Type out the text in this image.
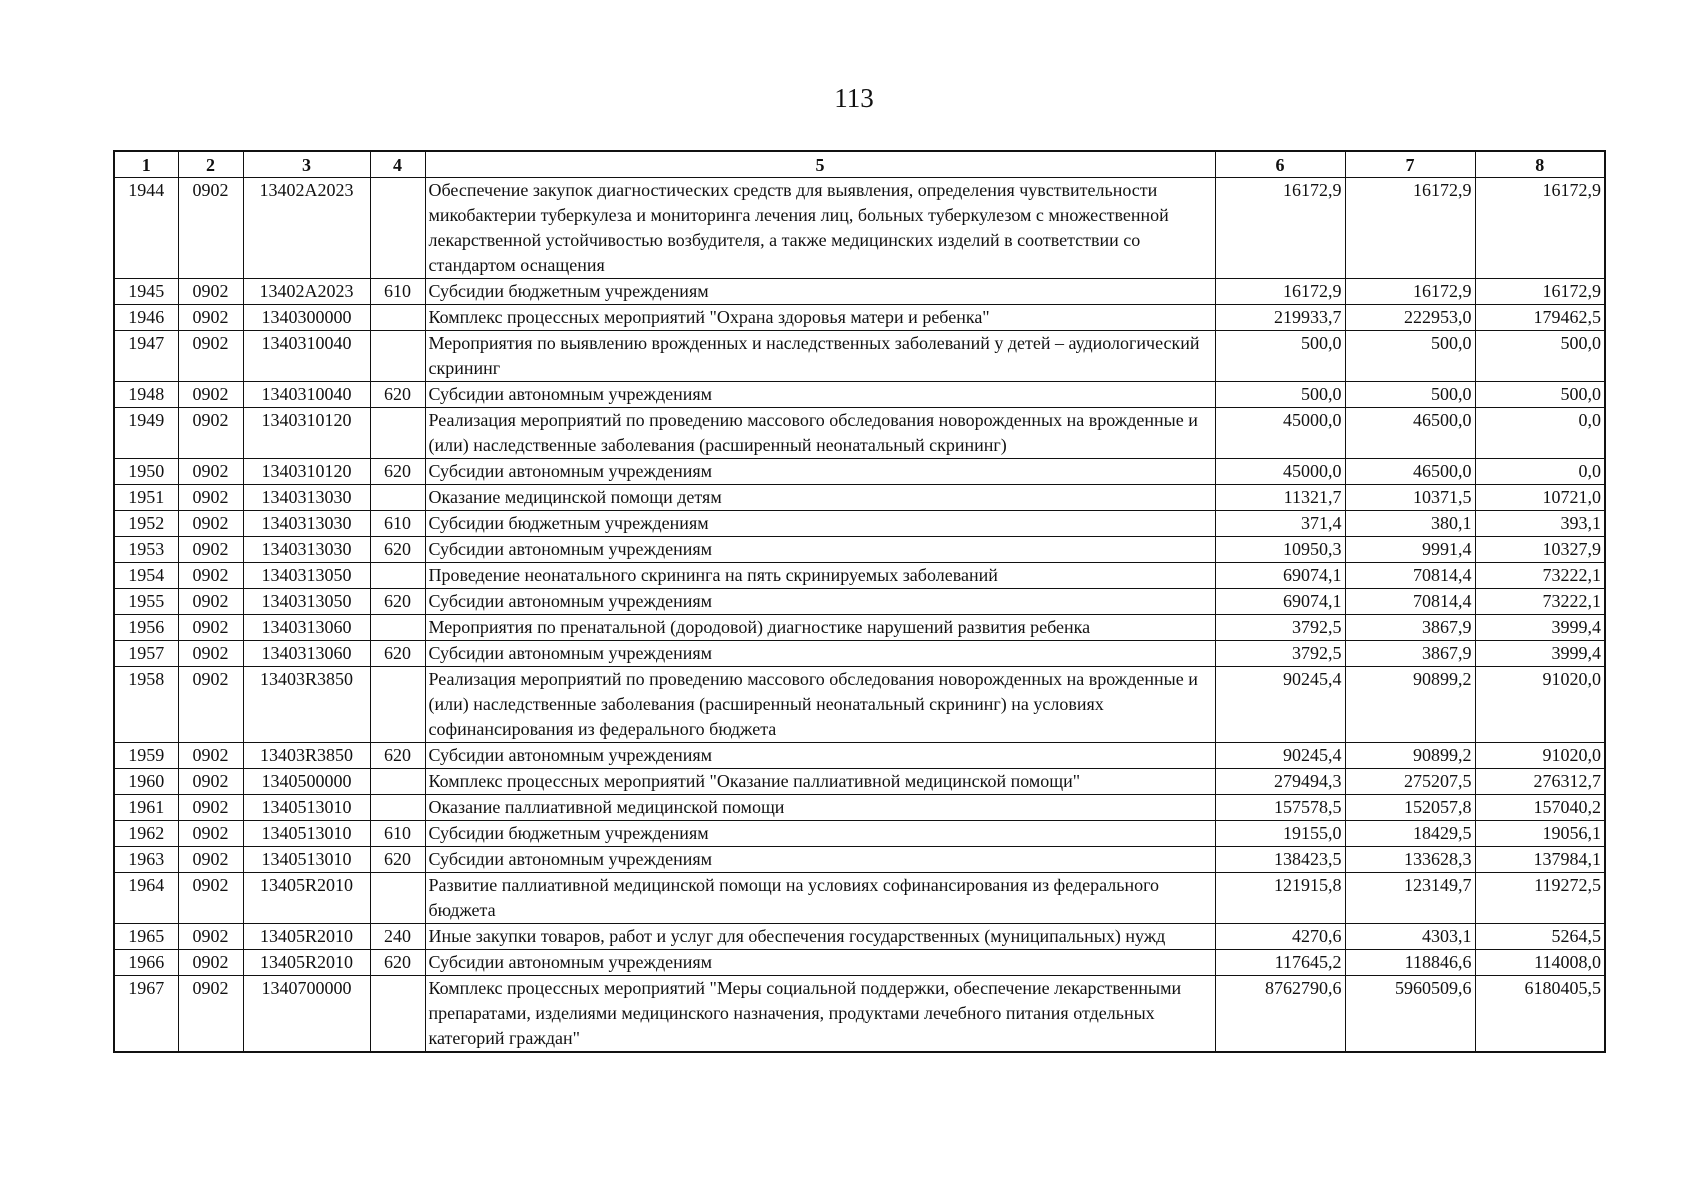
113
1	2	3	4	5	6	7	8
1944	0902	13402A2023		Обеспечение закупок диагностических средств для выявления, определения чувствительности микобактерии туберкулеза и мониторинга лечения лиц, больных туберкулезом с множественной лекарственной устойчивостью возбудителя, а также медицинских изделий в соответствии со стандартом оснащения	16172,9	16172,9	16172,9
1945	0902	13402A2023	610	Субсидии бюджетным учреждениям	16172,9	16172,9	16172,9
1946	0902	1340300000		Комплекс процессных мероприятий "Охрана здоровья матери и ребенка"	219933,7	222953,0	179462,5
1947	0902	1340310040		Мероприятия по выявлению врожденных и наследственных заболеваний у детей – аудиологический скрининг	500,0	500,0	500,0
1948	0902	1340310040	620	Субсидии автономным учреждениям	500,0	500,0	500,0
1949	0902	1340310120		Реализация мероприятий по проведению массового обследования новорожденных на врожденные и (или) наследственные заболевания (расширенный неонатальный скрининг)	45000,0	46500,0	0,0
1950	0902	1340310120	620	Субсидии автономным учреждениям	45000,0	46500,0	0,0
1951	0902	1340313030		Оказание медицинской помощи детям	11321,7	10371,5	10721,0
1952	0902	1340313030	610	Субсидии бюджетным учреждениям	371,4	380,1	393,1
1953	0902	1340313030	620	Субсидии автономным учреждениям	10950,3	9991,4	10327,9
1954	0902	1340313050		Проведение неонатального скрининга на пять скринируемых заболеваний	69074,1	70814,4	73222,1
1955	0902	1340313050	620	Субсидии автономным учреждениям	69074,1	70814,4	73222,1
1956	0902	1340313060		Мероприятия по пренатальной (дородовой) диагностике нарушений развития ребенка	3792,5	3867,9	3999,4
1957	0902	1340313060	620	Субсидии автономным учреждениям	3792,5	3867,9	3999,4
1958	0902	13403R3850		Реализация мероприятий по проведению массового обследования новорожденных на врожденные и (или) наследственные заболевания (расширенный неонатальный скрининг) на условиях софинансирования из федерального бюджета	90245,4	90899,2	91020,0
1959	0902	13403R3850	620	Субсидии автономным учреждениям	90245,4	90899,2	91020,0
1960	0902	1340500000		Комплекс процессных мероприятий "Оказание паллиативной медицинской помощи"	279494,3	275207,5	276312,7
1961	0902	1340513010		Оказание паллиативной медицинской помощи	157578,5	152057,8	157040,2
1962	0902	1340513010	610	Субсидии бюджетным учреждениям	19155,0	18429,5	19056,1
1963	0902	1340513010	620	Субсидии автономным учреждениям	138423,5	133628,3	137984,1
1964	0902	13405R2010		Развитие паллиативной медицинской помощи на условиях софинансирования из федерального бюджета	121915,8	123149,7	119272,5
1965	0902	13405R2010	240	Иные закупки товаров, работ и услуг для обеспечения государственных (муниципальных) нужд	4270,6	4303,1	5264,5
1966	0902	13405R2010	620	Субсидии автономным учреждениям	117645,2	118846,6	114008,0
1967	0902	1340700000		Комплекс процессных мероприятий "Меры социальной поддержки, обеспечение лекарственными препаратами, изделиями медицинского назначения, продуктами лечебного питания отдельных категорий граждан"	8762790,6	5960509,6	6180405,5
